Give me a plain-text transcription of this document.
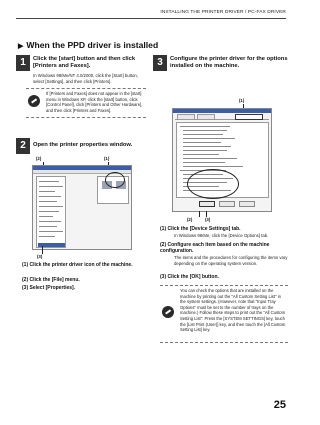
INSTALLING THE PRINTER DRIVER / PC-FAX DRIVER
▶ When the PPD driver is installed
1	Click the [start] button and then click [Printers and Faxes].
In Windows 98/Me/NT 4.0/2000, click the [Start] button, select [Settings], and then click [Printers].
If [Printers and Faxes] does not appear in the [start] menu in Windows XP, click the [start] button, click [Control Panel], click [Printers and Other Hardware], and then click [Printers and Faxes].
2	Open the printer properties window.
(2)	(1)
(3)
(1) Click the printer driver icon of the machine.
(2) Click the [File] menu.
(3) Select [Properties].
3	Configure the printer driver for the options installed on the machine.
(1)
(2)	(3)
(1) Click the [Device Settings] tab.
In Windows 98/Me, click the [Device Options] tab.
(2) Configure each item based on the machine configuration.
The items and the procedures for configuring the items vary depending on the operating system version.
(3) Click the [OK] button.
You can check the options that are installed on the machine by printing out the "All Custom Setting List" in the system settings. (However, note that "Input Tray Options" must be set to the number of trays on the machine.) Follow these steps to print out the "All Custom Setting List": Press the [SYSTEM SETTINGS] key, touch the [List Print (User)] key, and then touch the [All Custom Setting List] key.
25
